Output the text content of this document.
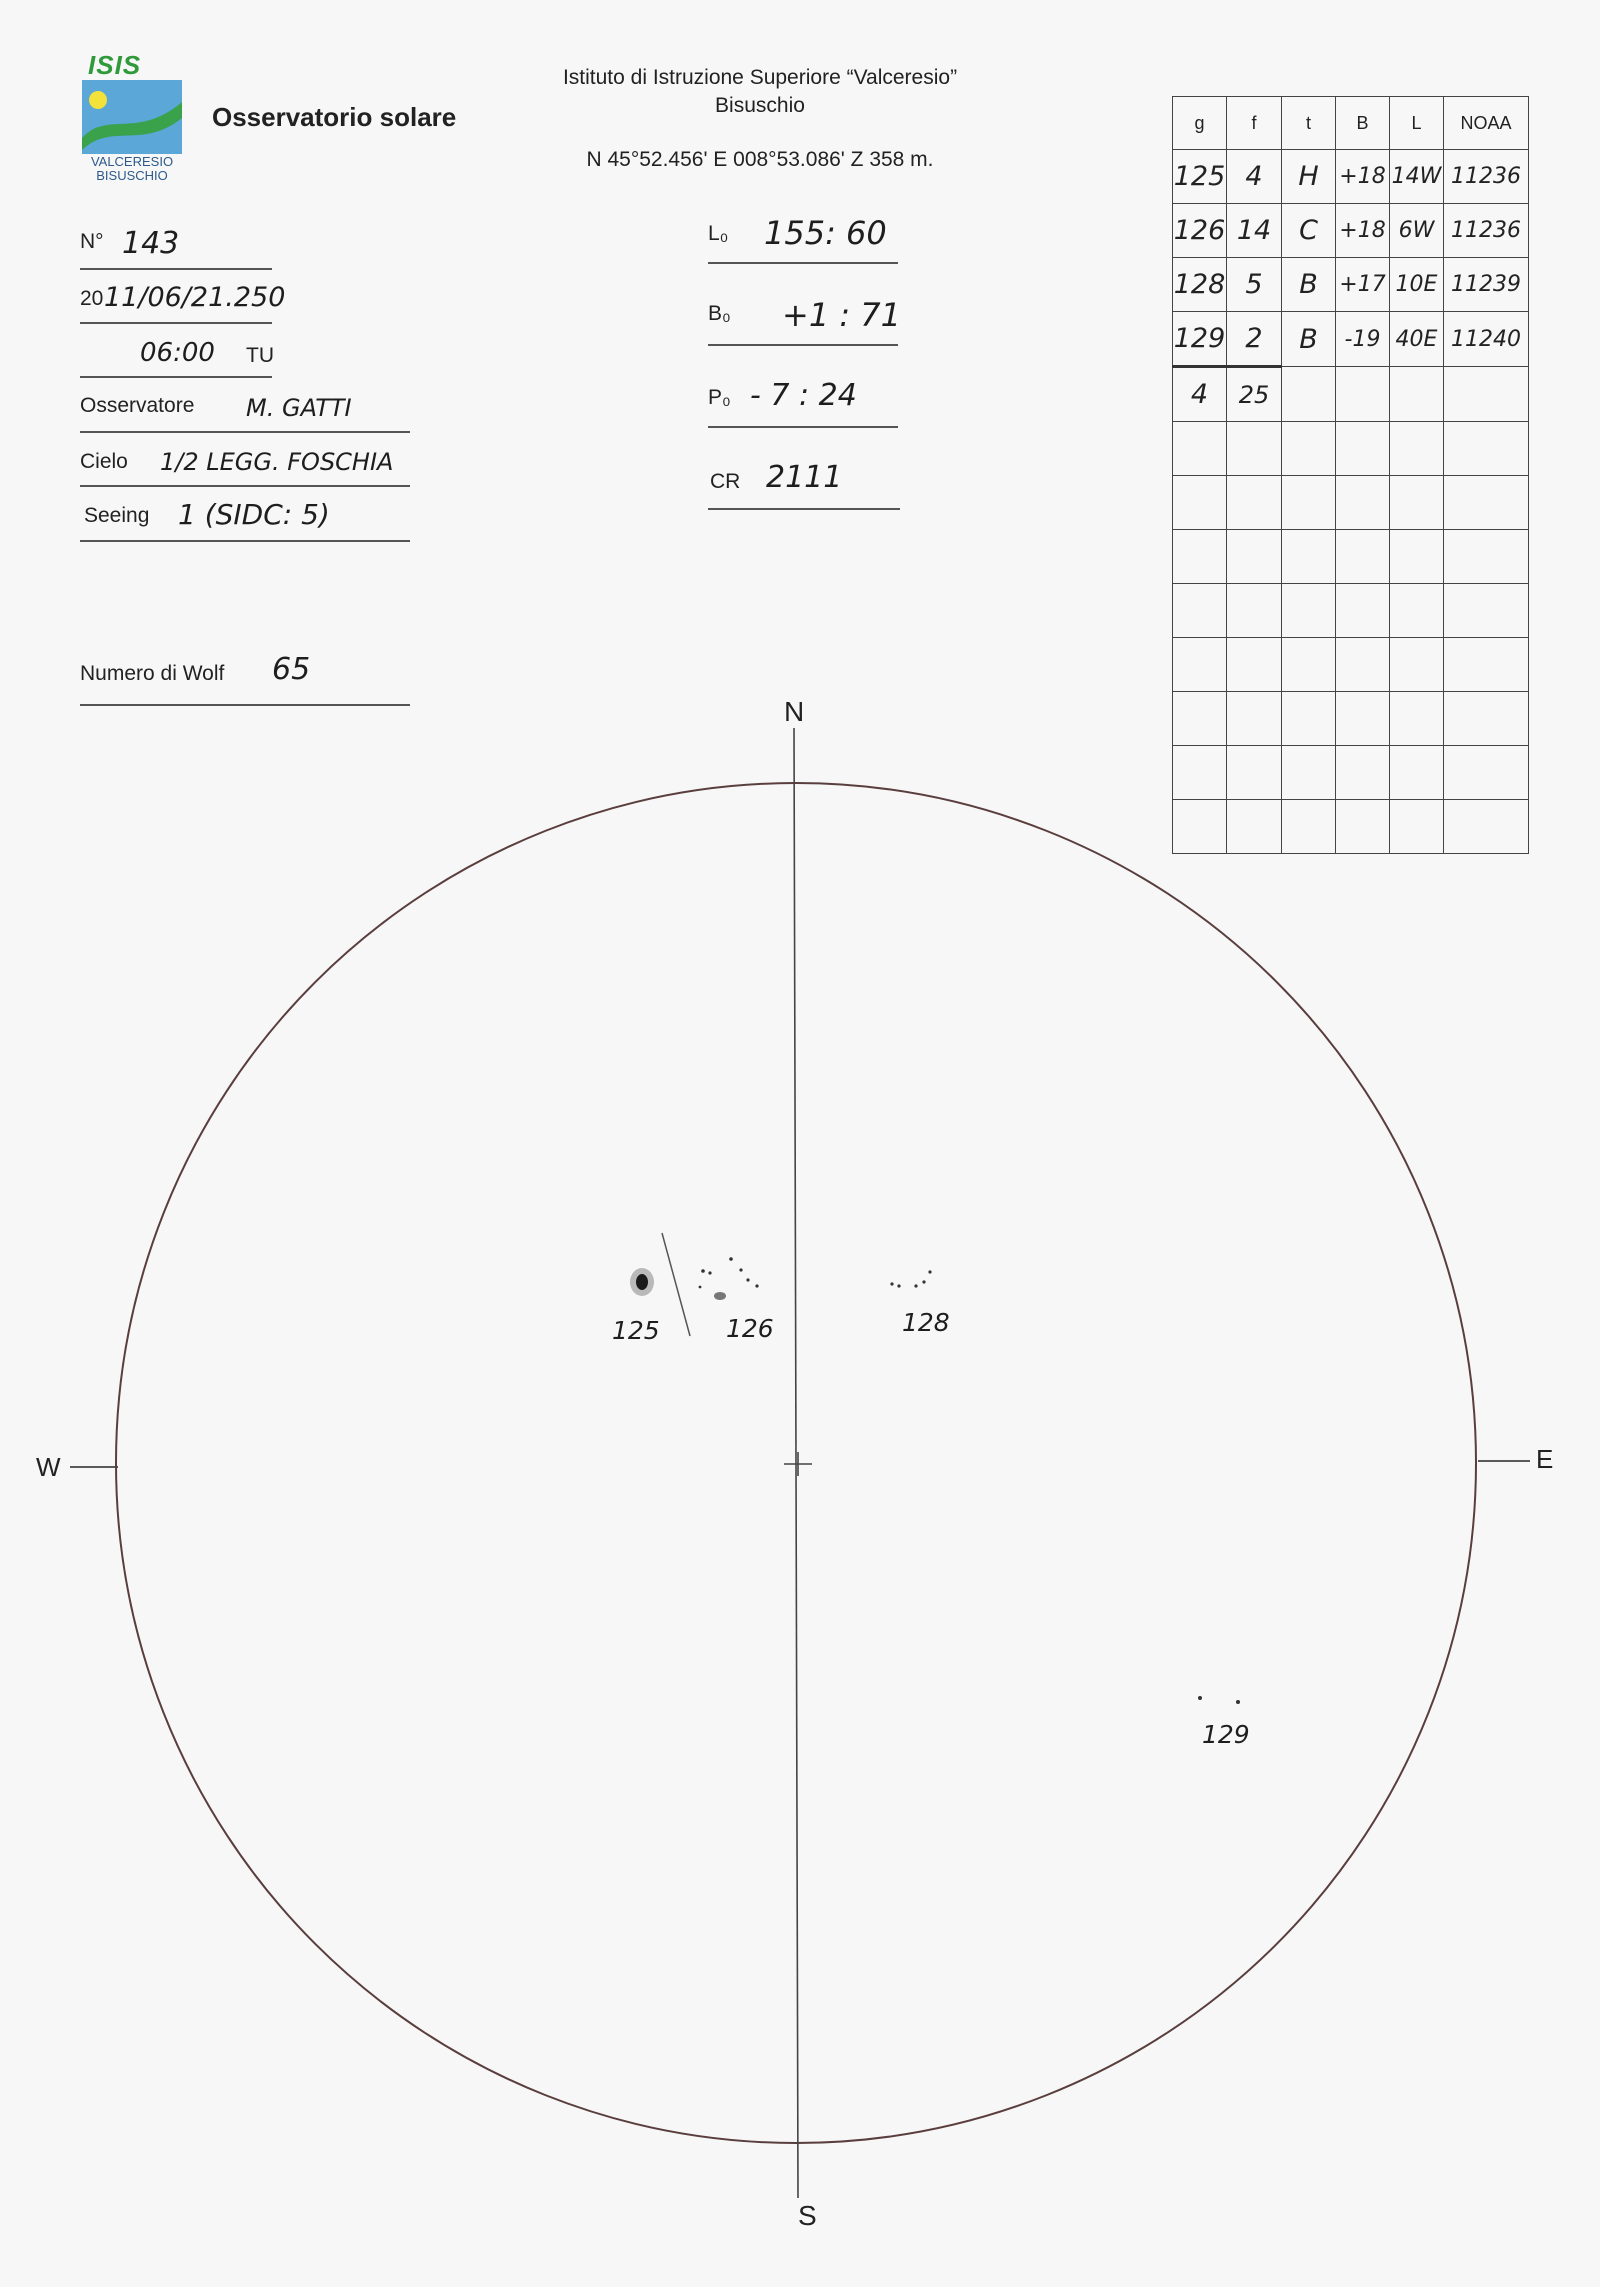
ISIS
VALCERESIO
BISUSCHIO
Osservatorio solare
Istituto di Istruzione Superiore “Valceresio”
Bisuschio
N 45°52.456' E 008°53.086' Z 358 m.
N° 143
20 11/06/21.250
06:00 TU
Osservatore M. GATTI
Cielo 1/2 LEGG. FOSCHIA
Seeing 1 (SIDC: 5)
Numero di Wolf 65
L₀ 155: 60
B₀ +1 : 71
P₀ - 7 : 24
CR 2111
g	f	t	B	L	NOAA
125	4	H	+18	14W	11236
126	14	C	+18	6W	11236
128	5	B	+17	10E	11239
129	2	B	-19	40E	11240
4	25				

N
S
W	E
125	126	128
129
